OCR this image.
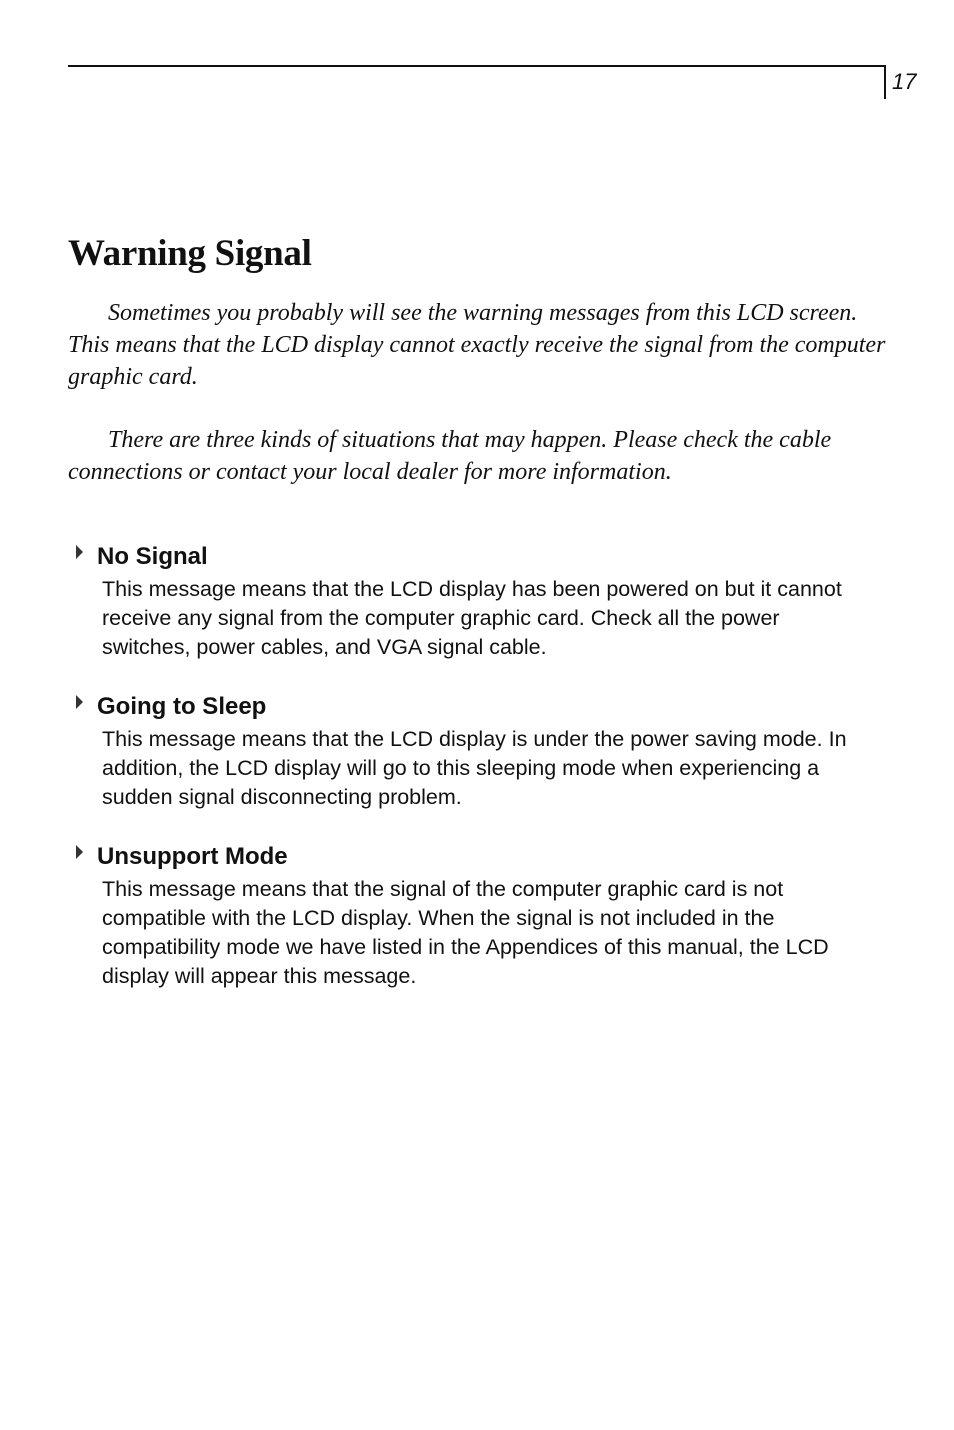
17
Warning Signal

Sometimes you probably will see the warning messages from this LCD screen. This means that the LCD display cannot exactly receive the signal from the computer graphic card.

There are three kinds of situations that may happen. Please check the cable connections or contact your local dealer for more information.

No Signal
This message means that the LCD display has been powered on but it cannot receive any signal from the computer graphic card. Check all the power switches, power cables, and VGA signal cable.
Going to Sleep
This message means that the LCD display is under the power saving mode. In addition, the LCD display will go to this sleeping mode when experiencing a sudden signal disconnecting problem.
Unsupport Mode
This message means that the signal of the computer graphic card is not compatible with the LCD display. When the signal is not included in the compatibility mode we have listed in the Appendices of this manual, the LCD display will appear this message.
